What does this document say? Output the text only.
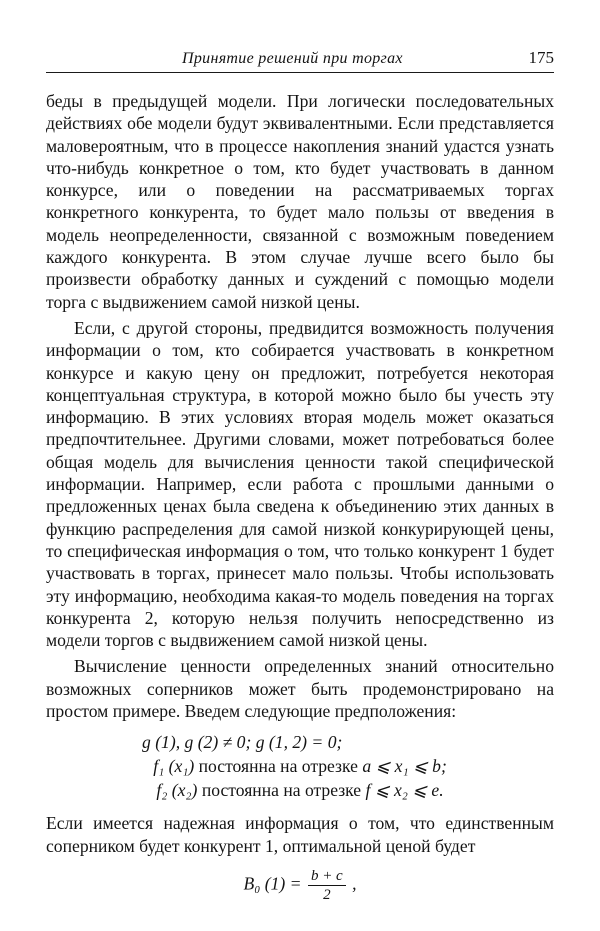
Принятие решений при торгах	175

беды в предыдущей модели. При логически последовательных действиях обе модели будут эквивалентными. Если представляется маловероятным, что в процессе накопления знаний удастся узнать что-нибудь конкретное о том, кто будет участвовать в данном конкурсе, или о поведении на рассматриваемых торгах конкретного конкурента, то будет мало пользы от введения в модель неопределенности, связанной с возможным поведением каждого конкурента. В этом случае лучше всего было бы произвести обработку данных и суждений с помощью модели торга с выдвижением самой низкой цены.

Если, с другой стороны, предвидится возможность получения информации о том, кто собирается участвовать в конкретном конкурсе и какую цену он предложит, потребуется некоторая концептуальная структура, в которой можно было бы учесть эту информацию. В этих условиях вторая модель может оказаться предпочтительнее. Другими словами, может потребоваться более общая модель для вычисления ценности такой специфической информации. Например, если работа с прошлыми данными о предложенных ценах была сведена к объединению этих данных в функцию распределения для самой низкой конкурирующей цены, то специфическая информация о том, что только конкурент 1 будет участвовать в торгах, принесет мало пользы. Чтобы использовать эту информацию, необходима какая-то модель поведения на торгах конкурента 2, которую нельзя получить непосредственно из модели торгов с выдвижением самой низкой цены.

Вычисление ценности определенных знаний относительно возможных соперников может быть продемонстрировано на простом примере. Введем следующие предположения:

g (1), g (2) ≠ 0; g (1, 2) = 0;
f₁ (x₁) постоянна на отрезке a ⩽ x₁ ⩽ b;
f₂ (x₂) постоянна на отрезке f ⩽ x₂ ⩽ e.

Если имеется надежная информация о том, что единственным соперником будет конкурент 1, оптимальной ценой будет

B₀ $(1) = \frac{b + c}{2}$ ,
